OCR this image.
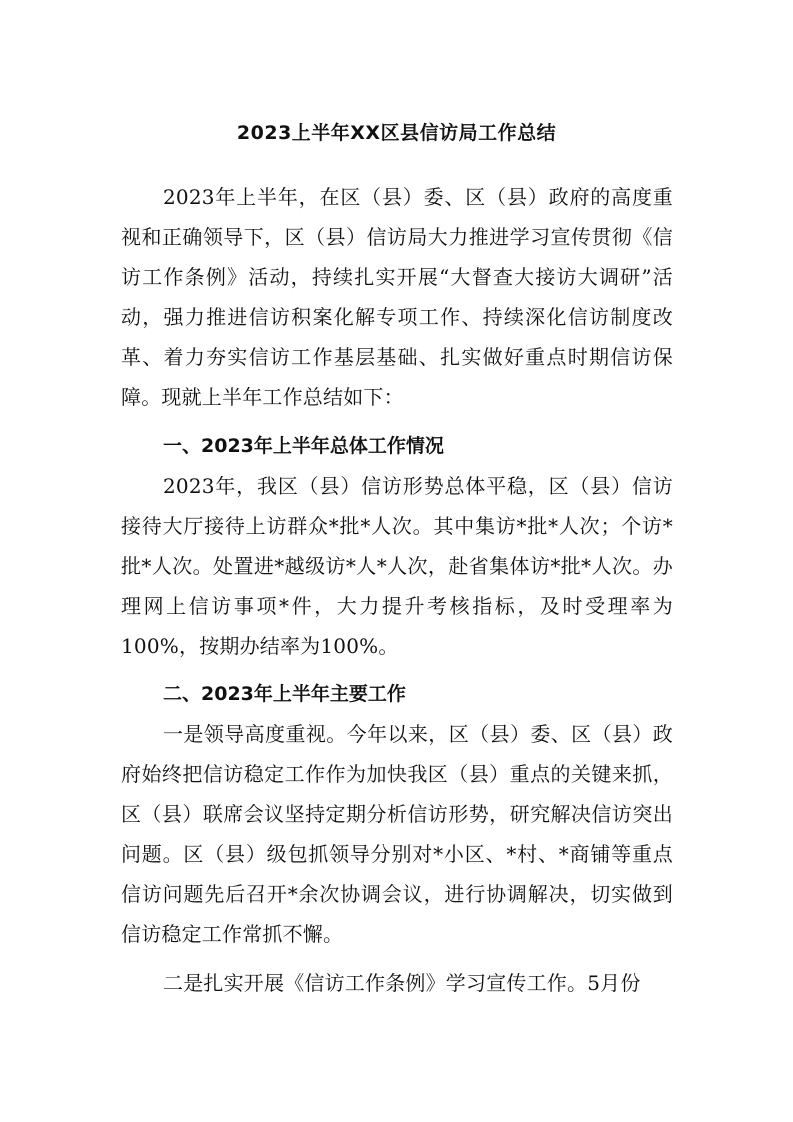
2023上半年XX区县信访局工作总结

2023年上半年，在区（县）委、区（县）政府的高度重视和正确领导下，区（县）信访局大力推进学习宣传贯彻《信访工作条例》活动，持续扎实开展“大督查大接访大调研”活动，强力推进信访积案化解专项工作、持续深化信访制度改革、着力夯实信访工作基层基础、扎实做好重点时期信访保障。现就上半年工作总结如下：

一、2023年上半年总体工作情况

2023年，我区（县）信访形势总体平稳，区（县）信访接待大厅接待上访群众*批*人次。其中集访*批*人次；个访*批*人次。处置进*越级访*人*人次，赴省集体访*批*人次。办理网上信访事项*件，大力提升考核指标，及时受理率为100%，按期办结率为100%。

二、2023年上半年主要工作

一是领导高度重视。今年以来，区（县）委、区（县）政府始终把信访稳定工作作为加快我区（县）重点的关键来抓，区（县）联席会议坚持定期分析信访形势，研究解决信访突出问题。区（县）级包抓领导分别对*小区、*村、*商铺等重点信访问题先后召开*余次协调会议，进行协调解决，切实做到信访稳定工作常抓不懈。

二是扎实开展《信访工作条例》学习宣传工作。5月份
